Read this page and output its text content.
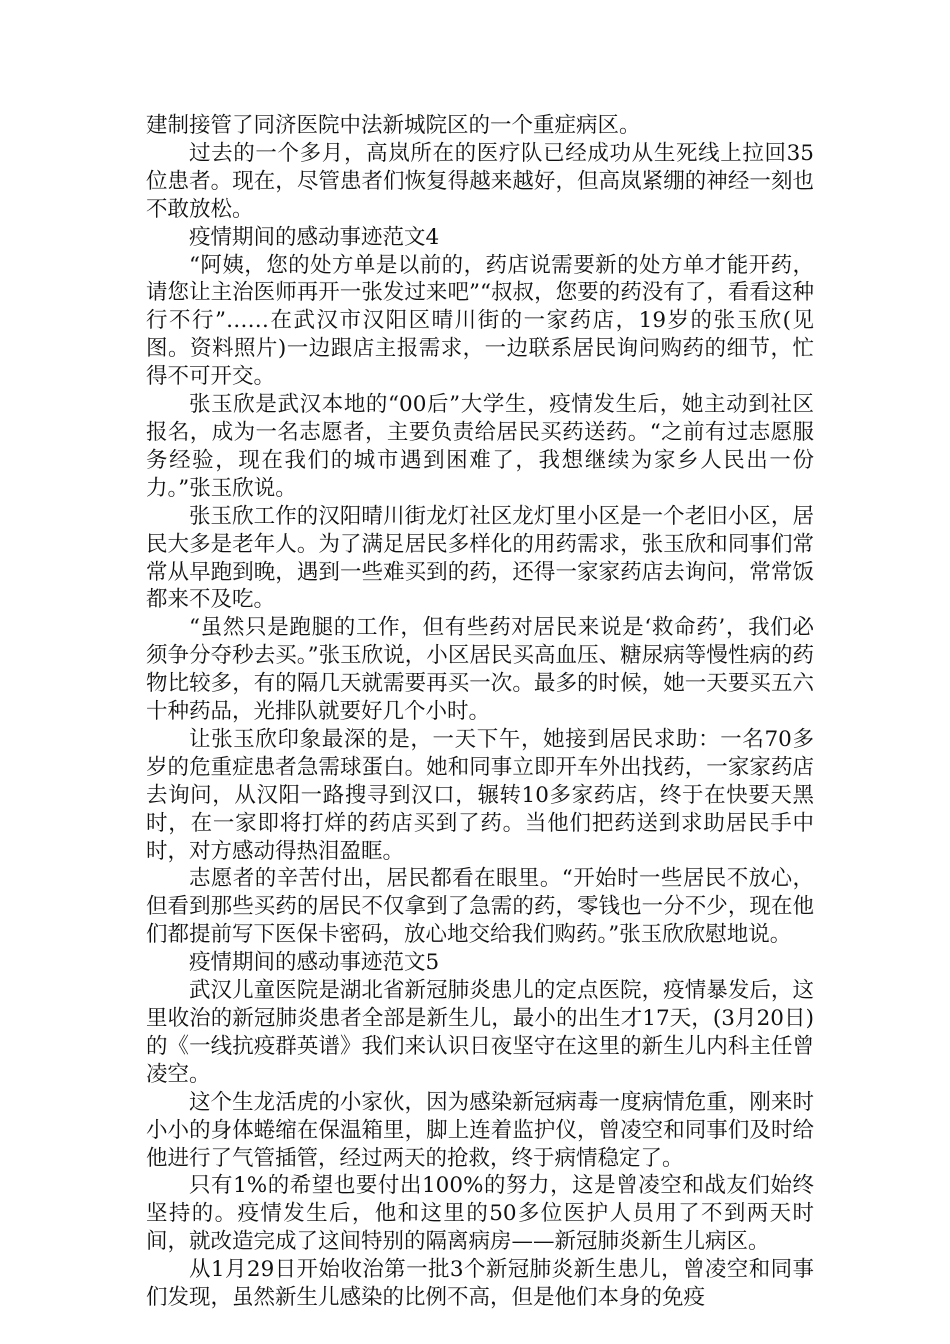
建制接管了同济医院中法新城院区的一个重症病区。

过去的一个多月，高岚所在的医疗队已经成功从生死线上拉回35位患者。现在，尽管患者们恢复得越来越好，但高岚紧绷的神经一刻也不敢放松。

疫情期间的感动事迹范文4

“阿姨，您的处方单是以前的，药店说需要新的处方单才能开药，请您让主治医师再开一张发过来吧”“叔叔，您要的药没有了，看看这种行不行”……在武汉市汉阳区晴川街的一家药店，19岁的张玉欣(见图。资料照片)一边跟店主报需求，一边联系居民询问购药的细节，忙得不可开交。

张玉欣是武汉本地的“00后”大学生，疫情发生后，她主动到社区报名，成为一名志愿者，主要负责给居民买药送药。“之前有过志愿服务经验，现在我们的城市遇到困难了，我想继续为家乡人民出一份力。”张玉欣说。

张玉欣工作的汉阳晴川街龙灯社区龙灯里小区是一个老旧小区，居民大多是老年人。为了满足居民多样化的用药需求，张玉欣和同事们常常从早跑到晚，遇到一些难买到的药，还得一家家药店去询问，常常饭都来不及吃。

“虽然只是跑腿的工作，但有些药对居民来说是‘救命药’，我们必须争分夺秒去买。”张玉欣说，小区居民买高血压、糖尿病等慢性病的药物比较多，有的隔几天就需要再买一次。最多的时候，她一天要买五六十种药品，光排队就要好几个小时。

让张玉欣印象最深的是，一天下午，她接到居民求助：一名70多岁的危重症患者急需球蛋白。她和同事立即开车外出找药，一家家药店去询问，从汉阳一路搜寻到汉口，辗转10多家药店，终于在快要天黑时，在一家即将打烊的药店买到了药。当他们把药送到求助居民手中时，对方感动得热泪盈眶。

志愿者的辛苦付出，居民都看在眼里。“开始时一些居民不放心，但看到那些买药的居民不仅拿到了急需的药，零钱也一分不少，现在他们都提前写下医保卡密码，放心地交给我们购药。”张玉欣欣慰地说。

疫情期间的感动事迹范文5

武汉儿童医院是湖北省新冠肺炎患儿的定点医院，疫情暴发后，这里收治的新冠肺炎患者全部是新生儿，最小的出生才17天，(3月20日)的《一线抗疫群英谱》我们来认识日夜坚守在这里的新生儿内科主任曾凌空。

这个生龙活虎的小家伙，因为感染新冠病毒一度病情危重，刚来时小小的身体蜷缩在保温箱里，脚上连着监护仪，曾凌空和同事们及时给他进行了气管插管，经过两天的抢救，终于病情稳定了。

只有1%的希望也要付出100%的努力，这是曾凌空和战友们始终坚持的。疫情发生后，他和这里的50多位医护人员用了不到两天时间，就改造完成了这间特别的隔离病房——新冠肺炎新生儿病区。

从1月29日开始收治第一批3个新冠肺炎新生患儿，曾凌空和同事们发现，虽然新生儿感染的比例不高，但是他们本身的免疫
